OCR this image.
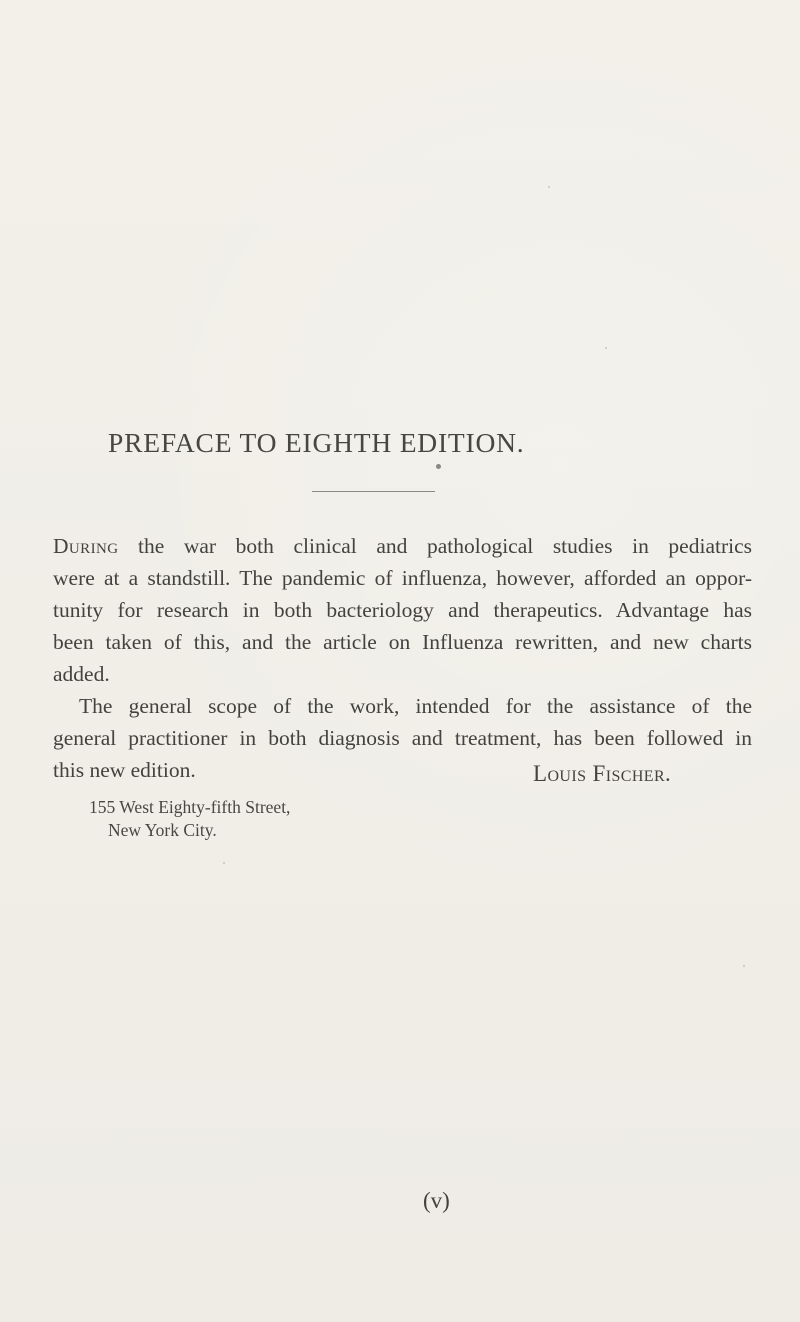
PREFACE TO EIGHTH EDITION.
During the war both clinical and pathological studies in pediatrics
were at a standstill. The pandemic of influenza, however, afforded an oppor-
tunity for research in both bacteriology and therapeutics. Advantage has
been taken of this, and the article on Influenza rewritten, and new charts
added.
The general scope of the work, intended for the assistance of the
general practitioner in both diagnosis and treatment, has been followed in
this new edition.	Louis Fischer.
155 West Eighty-fifth Street,
New York City.
(v)
